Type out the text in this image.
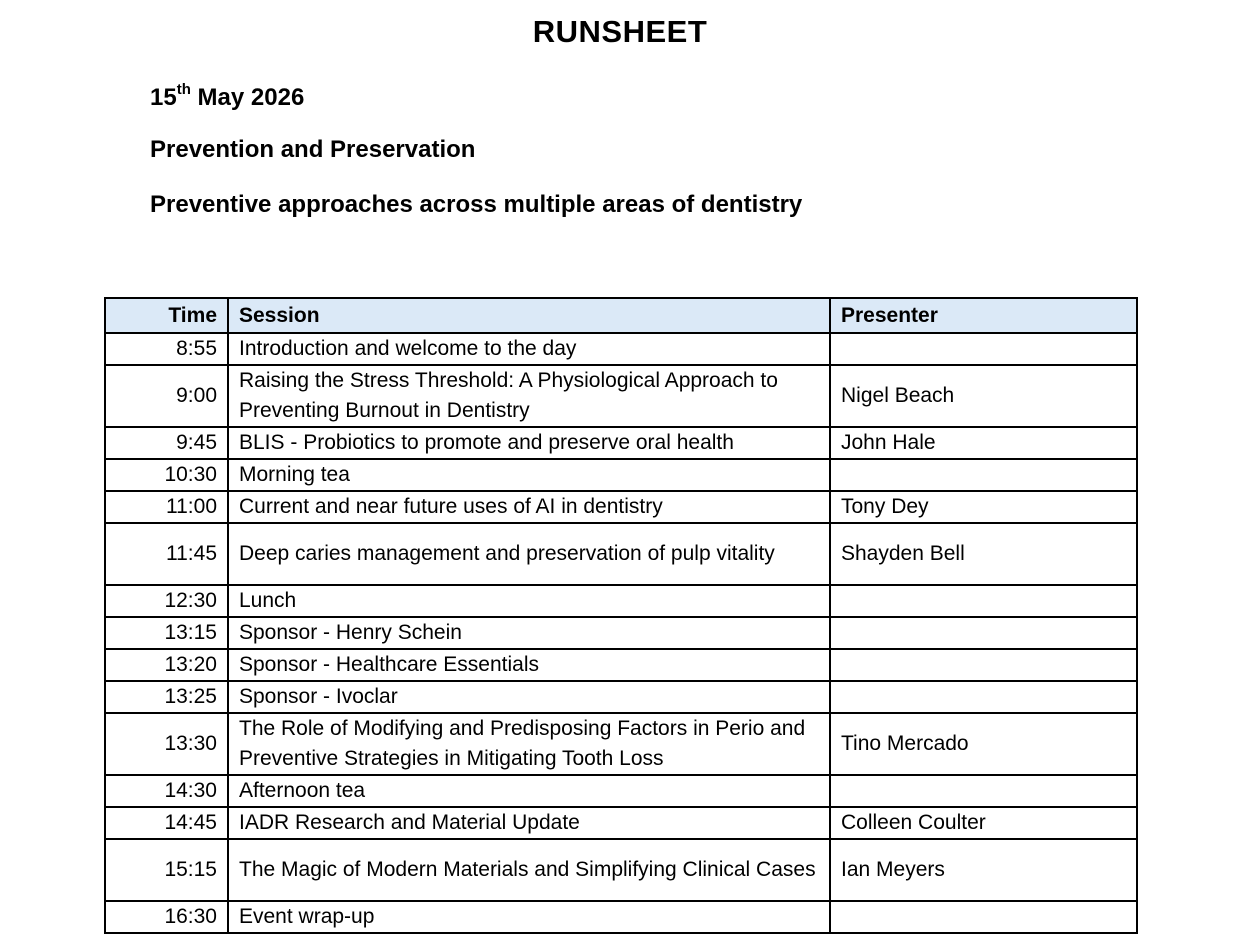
RUNSHEET
15th May 2026
Prevention and Preservation
Preventive approaches across multiple areas of dentistry
Time	Session	Presenter
8:55	Introduction and welcome to the day	
9:00	Raising the Stress Threshold: A Physiological Approach to Preventing Burnout in Dentistry	Nigel Beach
9:45	BLIS - Probiotics to promote and preserve oral health	John Hale
10:30	Morning tea	
11:00	Current and near future uses of AI in dentistry	Tony Dey
11:45	Deep caries management and preservation of pulp vitality	Shayden Bell
12:30	Lunch	
13:15	Sponsor - Henry Schein	
13:20	Sponsor - Healthcare Essentials	
13:25	Sponsor - Ivoclar	
13:30	The Role of Modifying and Predisposing Factors in Perio and Preventive Strategies in Mitigating Tooth Loss	Tino Mercado
14:30	Afternoon tea	
14:45	IADR Research and Material Update	Colleen Coulter
15:15	The Magic of Modern Materials and Simplifying Clinical Cases	Ian Meyers
16:30	Event wrap-up	
